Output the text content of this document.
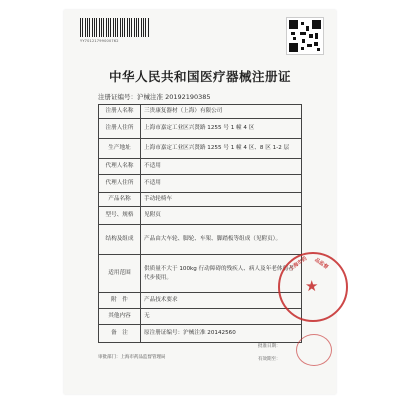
YY70121799000762
中华人民共和国医疗器械注册证
注册证编号：沪械注准 20192190385
注册人名称	三贵康复器材（上海）有限公司
注册人住所	上海市嘉定工业区兴贤路 1255 号 1 幢 4 区
生产地址	上海市嘉定工业区兴贤路 1255 号 1 幢 4 区、8 区 1-2 层
代理人名称	不适用
代理人住所	不适用
产品名称	手动轮椅车
型号、规格	见附页
结构及组成	产品由大车轮、脚轮、车架、脚踏板等组成（见附页）。
适用范围	供质量不大于 100kg 行动障碍的残疾人、病人及年老体弱者代步使用。
附　件	产品技术要求
其他内容	无
备　注	原注册证编号：沪械注准 20142560
批准日期：
有效期至：
审批部门：上海市药品监督管理局
★
上海市药 品监督
